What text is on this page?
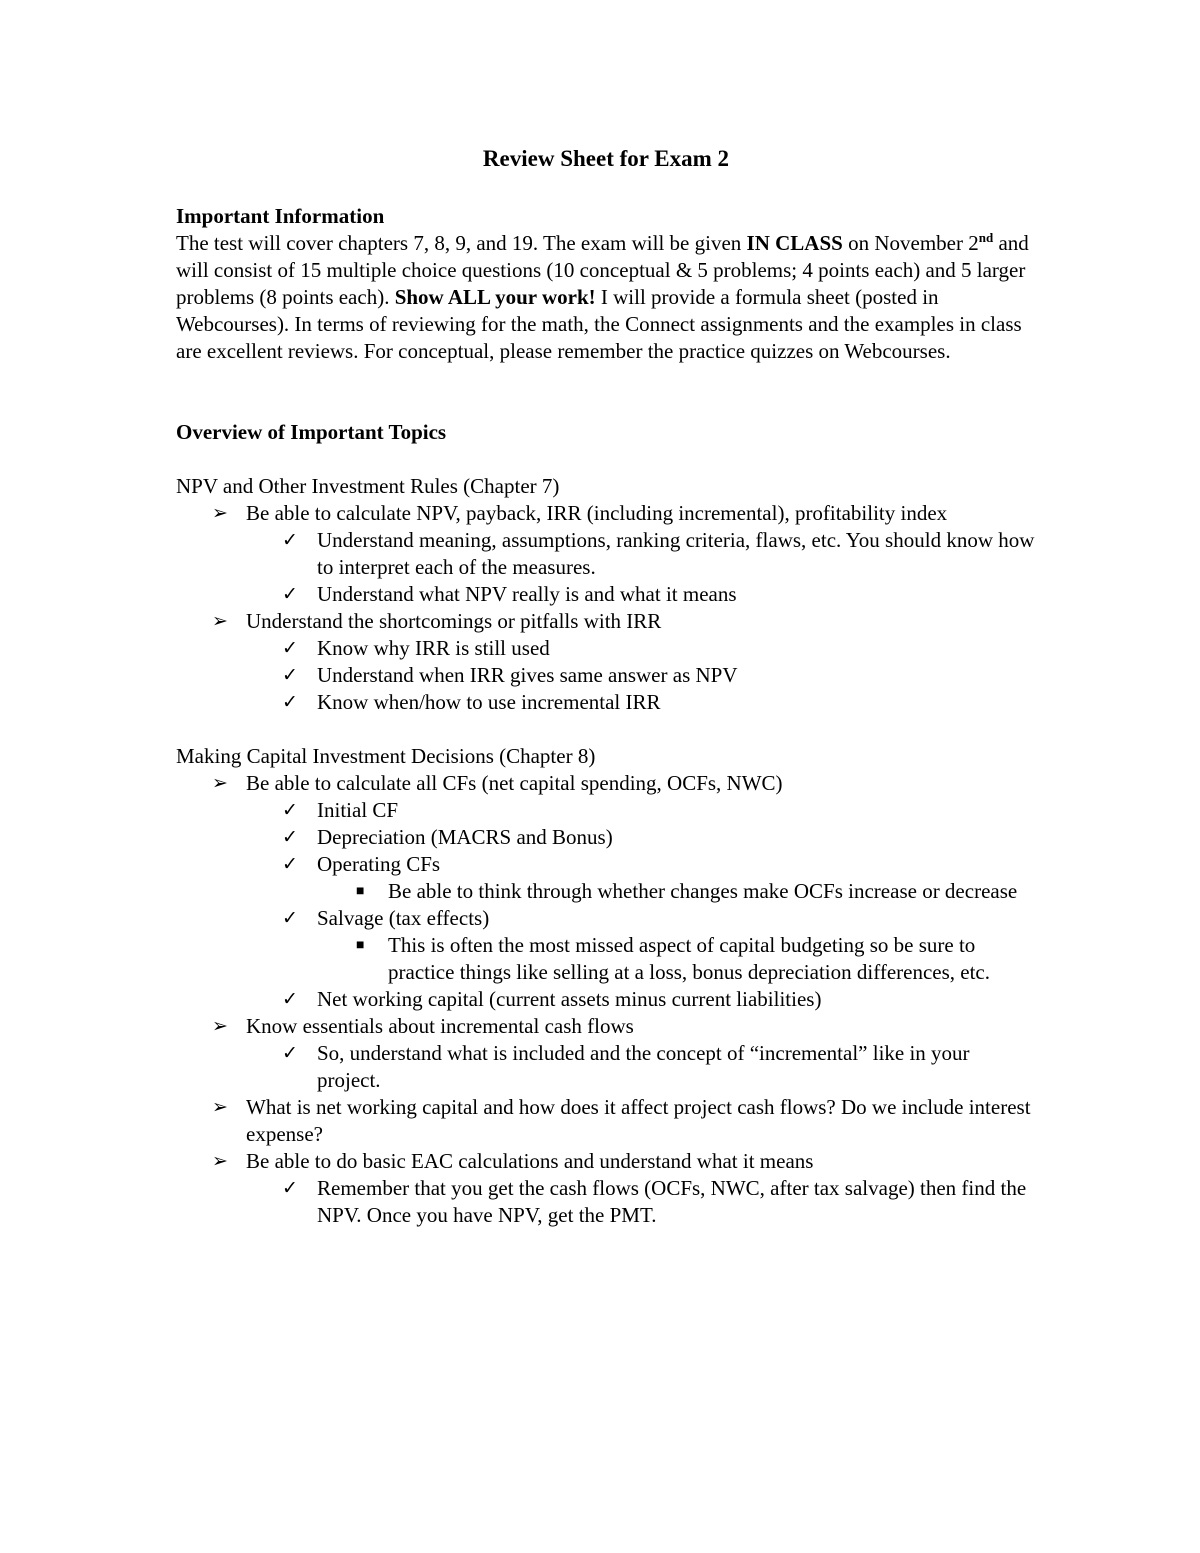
Review Sheet for Exam 2

Important Information

The test will cover chapters 7, 8, 9, and 19. The exam will be given IN CLASS on November 2nd and will consist of 15 multiple choice questions (10 conceptual & 5 problems; 4 points each) and 5 larger problems (8 points each). Show ALL your work! I will provide a formula sheet (posted in Webcourses). In terms of reviewing for the math, the Connect assignments and the examples in class are excellent reviews. For conceptual, please remember the practice quizzes on Webcourses.

Overview of Important Topics

NPV and Other Investment Rules (Chapter 7)

➢ Be able to calculate NPV, payback, IRR (including incremental), profitability index
✓ Understand meaning, assumptions, ranking criteria, flaws, etc. You should know how to interpret each of the measures.
✓ Understand what NPV really is and what it means
➢ Understand the shortcomings or pitfalls with IRR
✓ Know why IRR is still used
✓ Understand when IRR gives same answer as NPV
✓ Know when/how to use incremental IRR

Making Capital Investment Decisions (Chapter 8)

➢ Be able to calculate all CFs (net capital spending, OCFs, NWC)
✓ Initial CF
✓ Depreciation (MACRS and Bonus)
✓ Operating CFs
■ Be able to think through whether changes make OCFs increase or decrease
✓ Salvage (tax effects)
■ This is often the most missed aspect of capital budgeting so be sure to practice things like selling at a loss, bonus depreciation differences, etc.
✓ Net working capital (current assets minus current liabilities)
➢ Know essentials about incremental cash flows
✓ So, understand what is included and the concept of “incremental” like in your project.
➢ What is net working capital and how does it affect project cash flows? Do we include interest expense?
➢ Be able to do basic EAC calculations and understand what it means
✓ Remember that you get the cash flows (OCFs, NWC, after tax salvage) then find the NPV. Once you have NPV, get the PMT.
